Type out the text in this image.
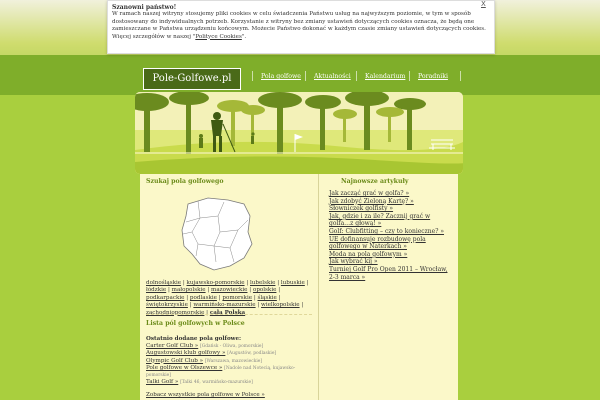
Pole-Golfowe.pl	Pola golfowe Aktualności Kalendarium Poradniki
Szukaj pola golfowego
dolnośląskie | kujawsko-pomorskie | lubelskie | lubuskie | łódzkie | małopolskie | mazowieckie | opolskie | podkarpackie | podlaskie | pomorskie | śląskie | świętokrzyskie | warmińsko-mazurskie | wielkopolskie | zachodniopomorskie | cała Polska
Lista pól golfowych w Polsce
Ostatnio dodane pola golfowe:
Carter Golf Club » [Gdańsk - Oliwa, pomorskie]
Augustowski klub golfowy » [Augustów, podlaskie]
Olympic Golf Club » [Warszawa, mazowieckie]
Pole golfowe w Olszewce » [Nadole nad Notecią, kujawsko-pomorskie]
Talki Golf » [Talki 46, warmińsko-mazurskie]
Zobacz wszystkie pola golfowe w Polsce »
Najnowsze artykuły
Jak zacząć grać w golfa? »
Jak zdobyć Zieloną Kartę? »
Słowniczek golfisty »
Jak, gdzie i za ile? Zacznij grać w golfa…z głową! »
Golf: Clubfitting – czy to konieczne? »
UE dofinansuje rozbudowę pola golfowego w Naterkach »
Moda na pola golfowym »
Jak wybrać kij »
Turniej Golf Pro Open 2011 – Wrocław, 2-3 marca »
Szanowni państwo!
W ramach naszej witryny stosujemy pliki cookies w celu świadczenia Państwu usług na najwyższym poziomie, w tym w sposób dostosowany do indywidualnych potrzeb. Korzystanie z witryny bez zmiany ustawień dotyczących cookies oznacza, że będą one zamieszczane w Państwa urządzeniu końcowym. Możecie Państwo dokonać w każdym czasie zmiany ustawień dotyczących cookies. Więcej szczegółów w naszej "Polityce Cookies".
X
